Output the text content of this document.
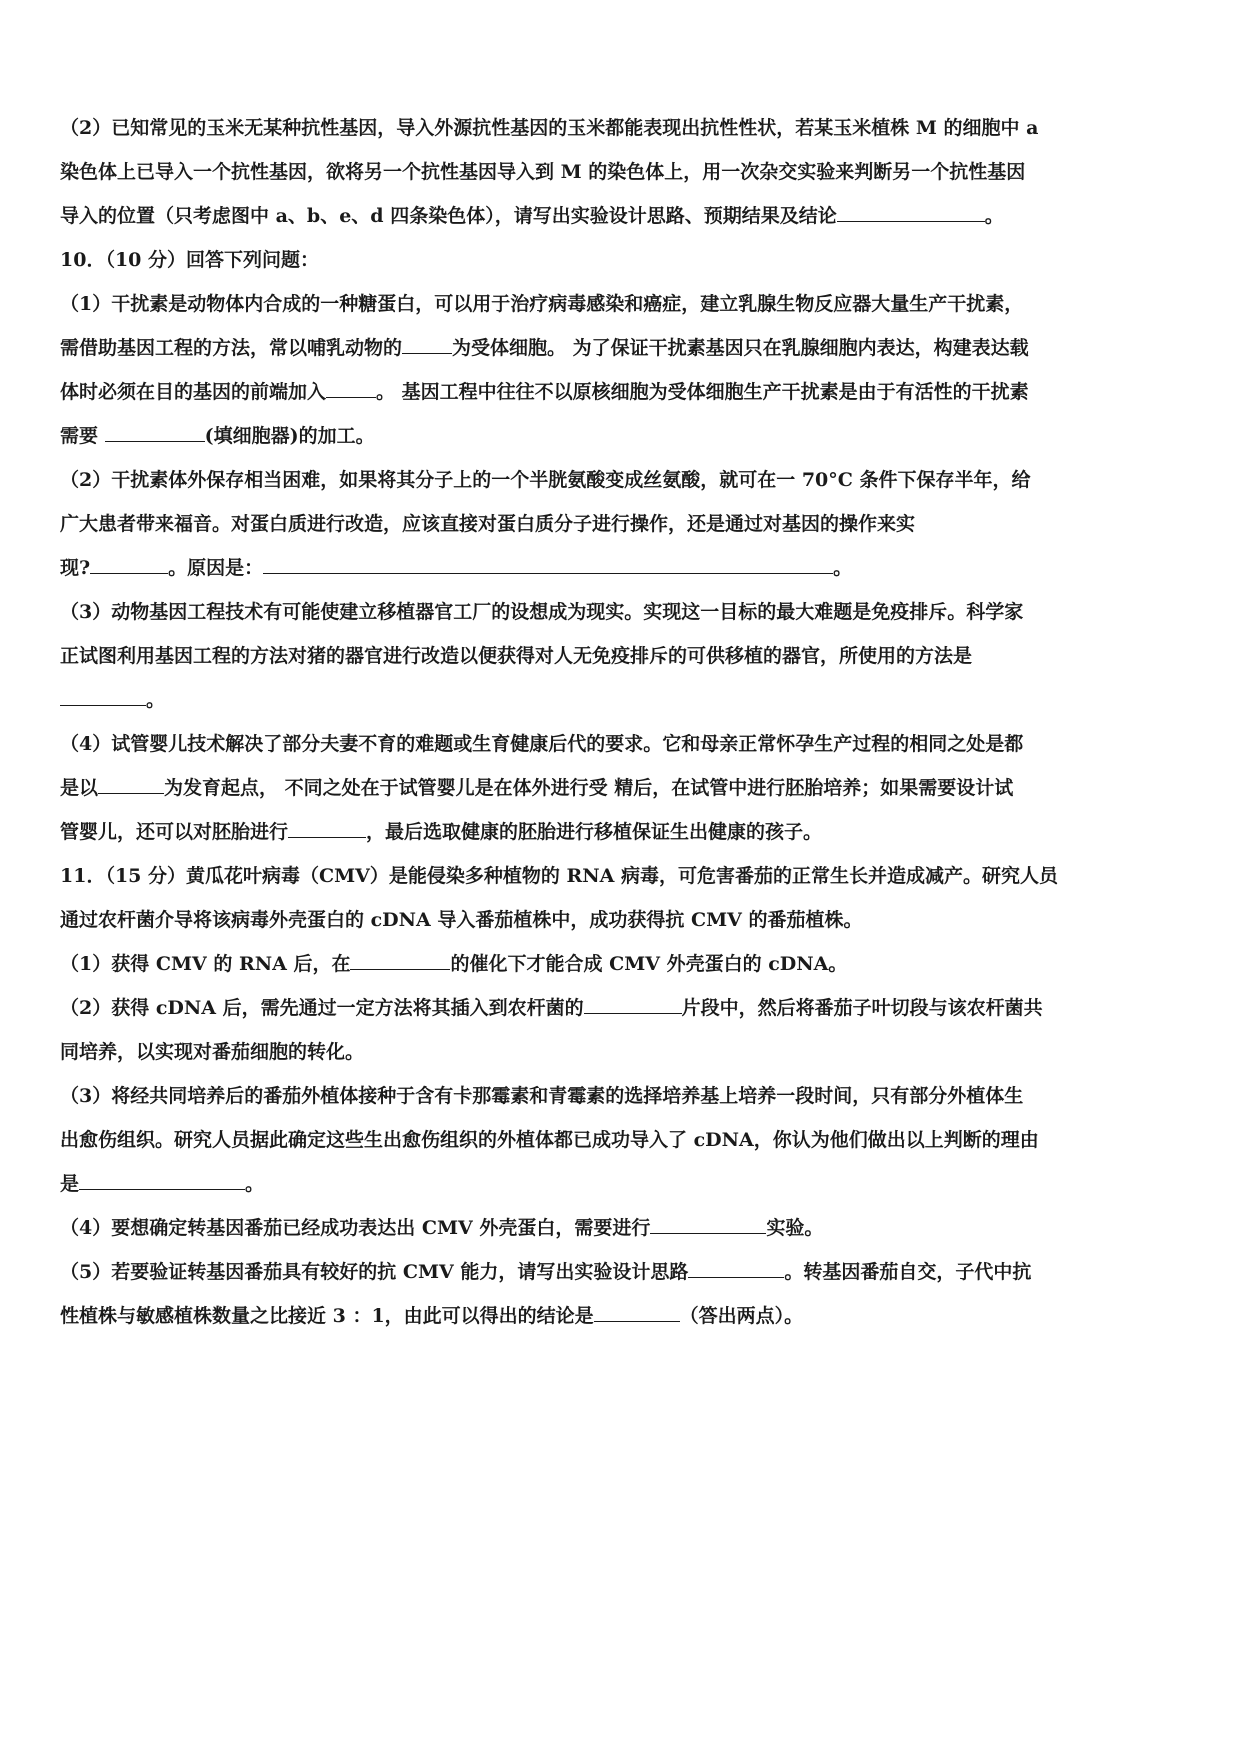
（2）已知常见的玉米无某种抗性基因，导入外源抗性基因的玉米都能表现出抗性性状，若某玉米植株 M 的细胞中 a
染色体上已导入一个抗性基因，欲将另一个抗性基因导入到 M 的染色体上，用一次杂交实验来判断另一个抗性基因
导入的位置（只考虑图中 a、b、e、d 四条染色体），请写出实验设计思路、预期结果及结论	。
10．（10 分）回答下列问题：
（1）干扰素是动物体内合成的一种糖蛋白，可以用于治疗病毒感染和癌症，建立乳腺生物反应器大量生产干扰素，
需借助基因工程的方法，常以哺乳动物的	为受体细胞。 为了保证干扰素基因只在乳腺细胞内表达，构建表达载
体时必须在目的基因的前端加入	。 基因工程中往往不以原核细胞为受体细胞生产干扰素是由于有活性的干扰素
需要	(填细胞器)的加工。
（2）干扰素体外保存相当困难，如果将其分子上的一个半胱氨酸变成丝氨酸，就可在一 70°C 条件下保存半年，给
广大患者带来福音。对蛋白质进行改造，应该直接对蛋白质分子进行操作，还是通过对基因的操作来实
现?	。原因是：	。
（3）动物基因工程技术有可能使建立移植器官工厂的设想成为现实。实现这一目标的最大难题是免疫排斥。科学家
正试图利用基因工程的方法对猪的器官进行改造以便获得对人无免疫排斥的可供移植的器官，所使用的方法是
。
（4）试管婴儿技术解决了部分夫妻不育的难题或生育健康后代的要求。它和母亲正常怀孕生产过程的相同之处是都
是以	为发育起点， 不同之处在于试管婴儿是在体外进行受 精后，在试管中进行胚胎培养；如果需要设计试
管婴儿，还可以对胚胎进行	，最后选取健康的胚胎进行移植保证生出健康的孩子。
11．（15 分）黄瓜花叶病毒（CMV）是能侵染多种植物的 RNA 病毒，可危害番茄的正常生长并造成减产。研究人员
通过农杆菌介导将该病毒外壳蛋白的 cDNA 导入番茄植株中，成功获得抗 CMV 的番茄植株。
（1）获得 CMV 的 RNA 后，在	的催化下才能合成 CMV 外壳蛋白的 cDNA。
（2）获得 cDNA 后，需先通过一定方法将其插入到农杆菌的	片段中，然后将番茄子叶切段与该农杆菌共
同培养，以实现对番茄细胞的转化。
（3）将经共同培养后的番茄外植体接种于含有卡那霉素和青霉素的选择培养基上培养一段时间，只有部分外植体生
出愈伤组织。研究人员据此确定这些生出愈伤组织的外植体都已成功导入了 cDNA，你认为他们做出以上判断的理由
是	。
（4）要想确定转基因番茄已经成功表达出 CMV 外壳蛋白，需要进行	实验。
（5）若要验证转基因番茄具有较好的抗 CMV 能力，请写出实验设计思路	。转基因番茄自交，子代中抗
性植株与敏感植株数量之比接近 3 ：1，由此可以得出的结论是	（答出两点）。
